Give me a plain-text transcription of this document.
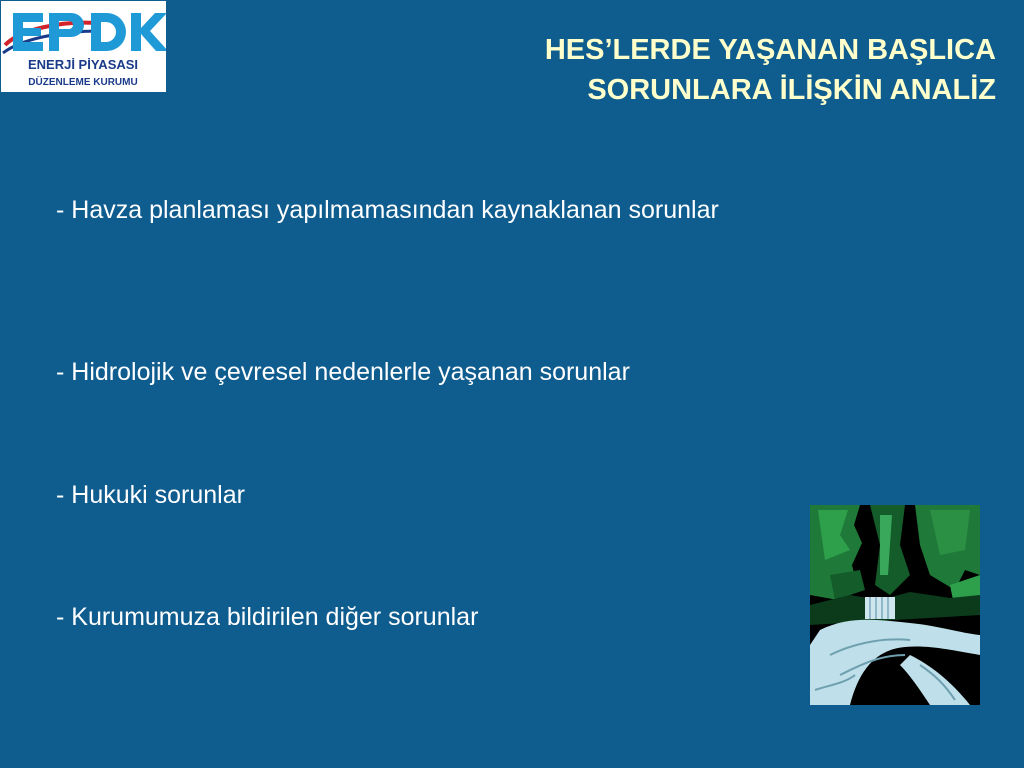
ENERJİ PİYASASI
DÜZENLEME KURUMU
HES’LERDE YAŞANAN BAŞLICA
SORUNLARA İLİŞKİN ANALİZ

- Havza planlaması yapılmamasından kaynaklanan sorunlar

- Hidrolojik ve çevresel nedenlerle yaşanan sorunlar

- Hukuki sorunlar

- Kurumumuza bildirilen diğer sorunlar
